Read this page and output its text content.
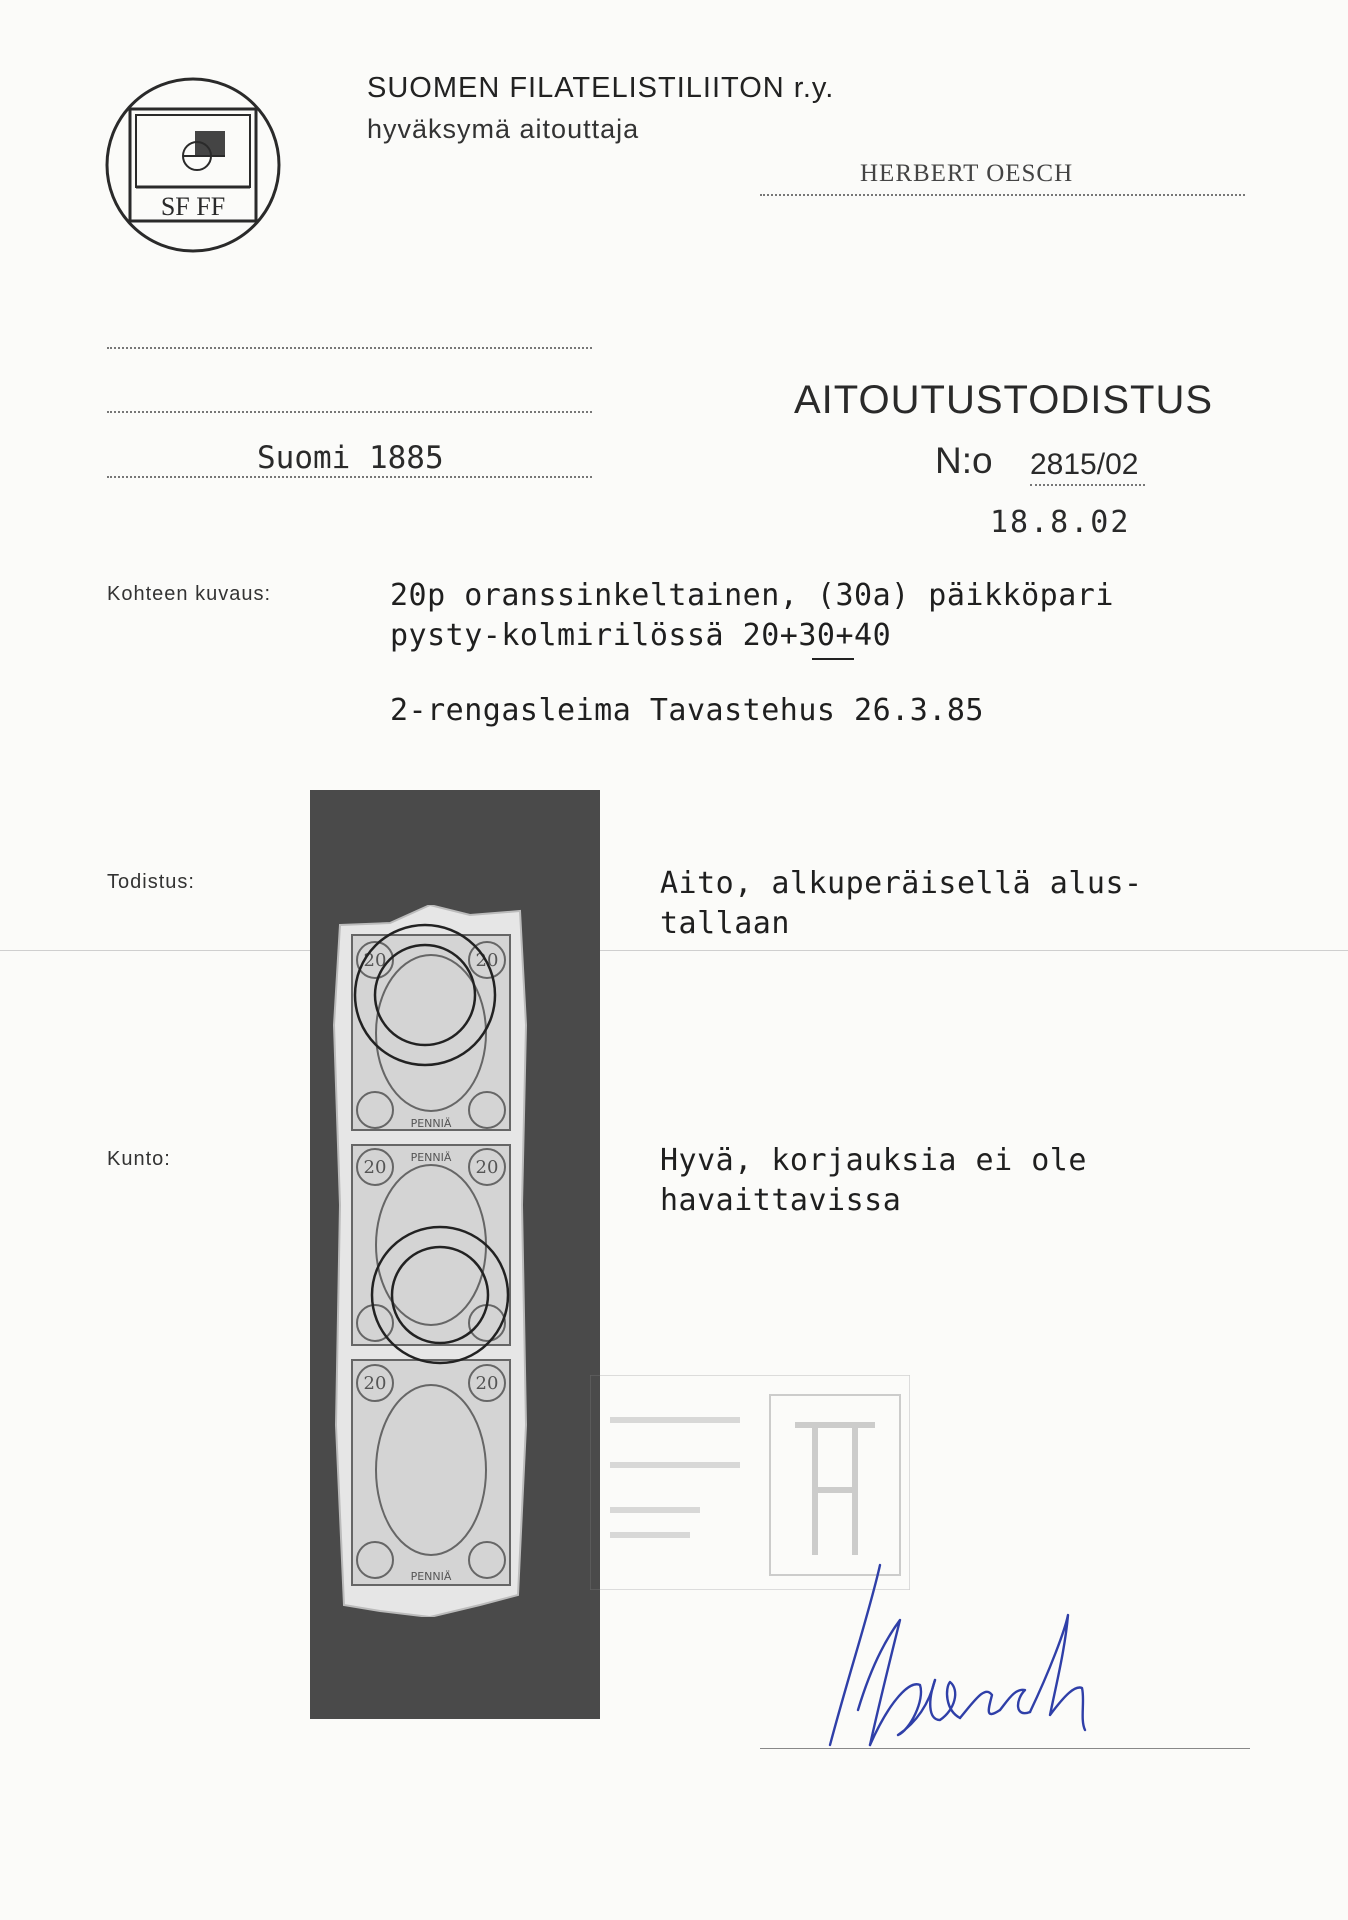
SF FF
SUOMEN FILATELISTILIITON r.y.
hyväksymä aitouttaja
HERBERT OESCH
Suomi 1885
AITOUTUSTODISTUS
N:o 2815/02
18.8.02
Kohteen kuvaus:	20p oranssinkeltainen, (30a) päikköpari
pysty-kolmirilössä 20+30+40
2-rengasleima Tavastehus 26.3.85
Todistus:	Aito, alkuperäisellä alus-
tallaan
Kunto:	Hyvä, korjauksia ei ole
havaittavissa
20	20
20	20
20	20
PENNIÄ
PENNIÄ
PENNIÄ
